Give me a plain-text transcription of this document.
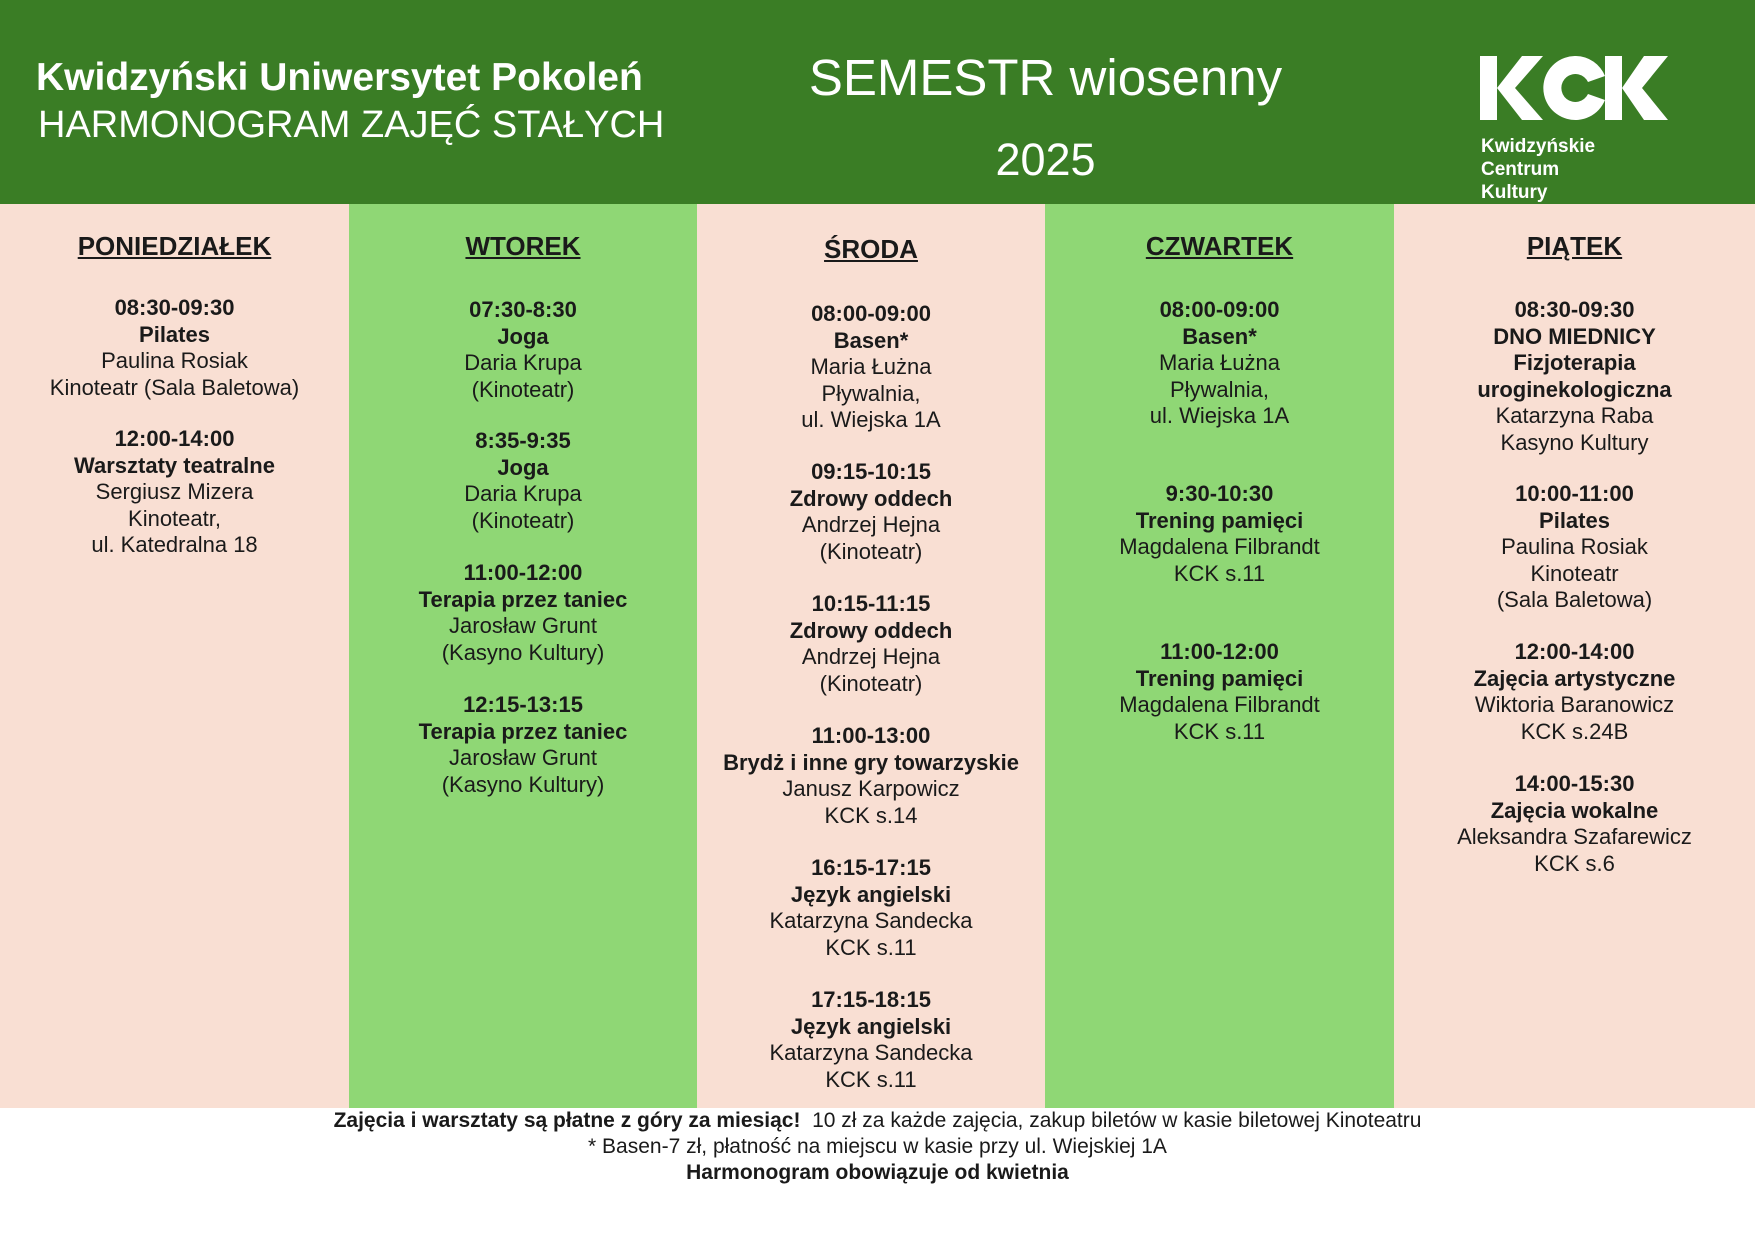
Kwidzyński Uniwersytet Pokoleń
HARMONOGRAM ZAJĘĆ STAŁYCH
SEMESTR wiosenny
2025	Kwidzyńskie
Centrum
Kultury
PONIEDZIAŁEK
08:30-09:30
Pilates
Paulina Rosiak
Kinoteatr (Sala Baletowa)
12:00-14:00
Warsztaty teatralne
Sergiusz Mizera
Kinoteatr,
ul. Katedralna 18
WTOREK
07:30-8:30
Joga
Daria Krupa
(Kinoteatr)
8:35-9:35
Joga
Daria Krupa
(Kinoteatr)
11:00-12:00
Terapia przez taniec
Jarosław Grunt
(Kasyno Kultury)
12:15-13:15
Terapia przez taniec
Jarosław Grunt
(Kasyno Kultury)
ŚRODA
08:00-09:00
Basen*
Maria Łużna
Pływalnia,
ul. Wiejska 1A
09:15-10:15
Zdrowy oddech
Andrzej Hejna
(Kinoteatr)
10:15-11:15
Zdrowy oddech
Andrzej Hejna
(Kinoteatr)
11:00-13:00
Brydż i inne gry towarzyskie
Janusz Karpowicz
KCK s.14
16:15-17:15
Język angielski
Katarzyna Sandecka
KCK s.11
17:15-18:15
Język angielski
Katarzyna Sandecka
KCK s.11
CZWARTEK
08:00-09:00
Basen*
Maria Łużna
Pływalnia,
ul. Wiejska 1A
9:30-10:30
Trening pamięci
Magdalena Filbrandt
KCK s.11
11:00-12:00
Trening pamięci
Magdalena Filbrandt
KCK s.11
PIĄTEK
08:30-09:30
DNO MIEDNICY
Fizjoterapia
uroginekologiczna
Katarzyna Raba
Kasyno Kultury
10:00-11:00
Pilates
Paulina Rosiak
Kinoteatr
(Sala Baletowa)
12:00-14:00
Zajęcia artystyczne
Wiktoria Baranowicz
KCK s.24B
14:00-15:30
Zajęcia wokalne
Aleksandra Szafarewicz
KCK s.6
Zajęcia i warsztaty są płatne z góry za miesiąc! 10 zł za każde zajęcia, zakup biletów w kasie biletowej Kinoteatru
* Basen-7 zł, płatność na miejscu w kasie przy ul. Wiejskiej 1A
Harmonogram obowiązuje od kwietnia
